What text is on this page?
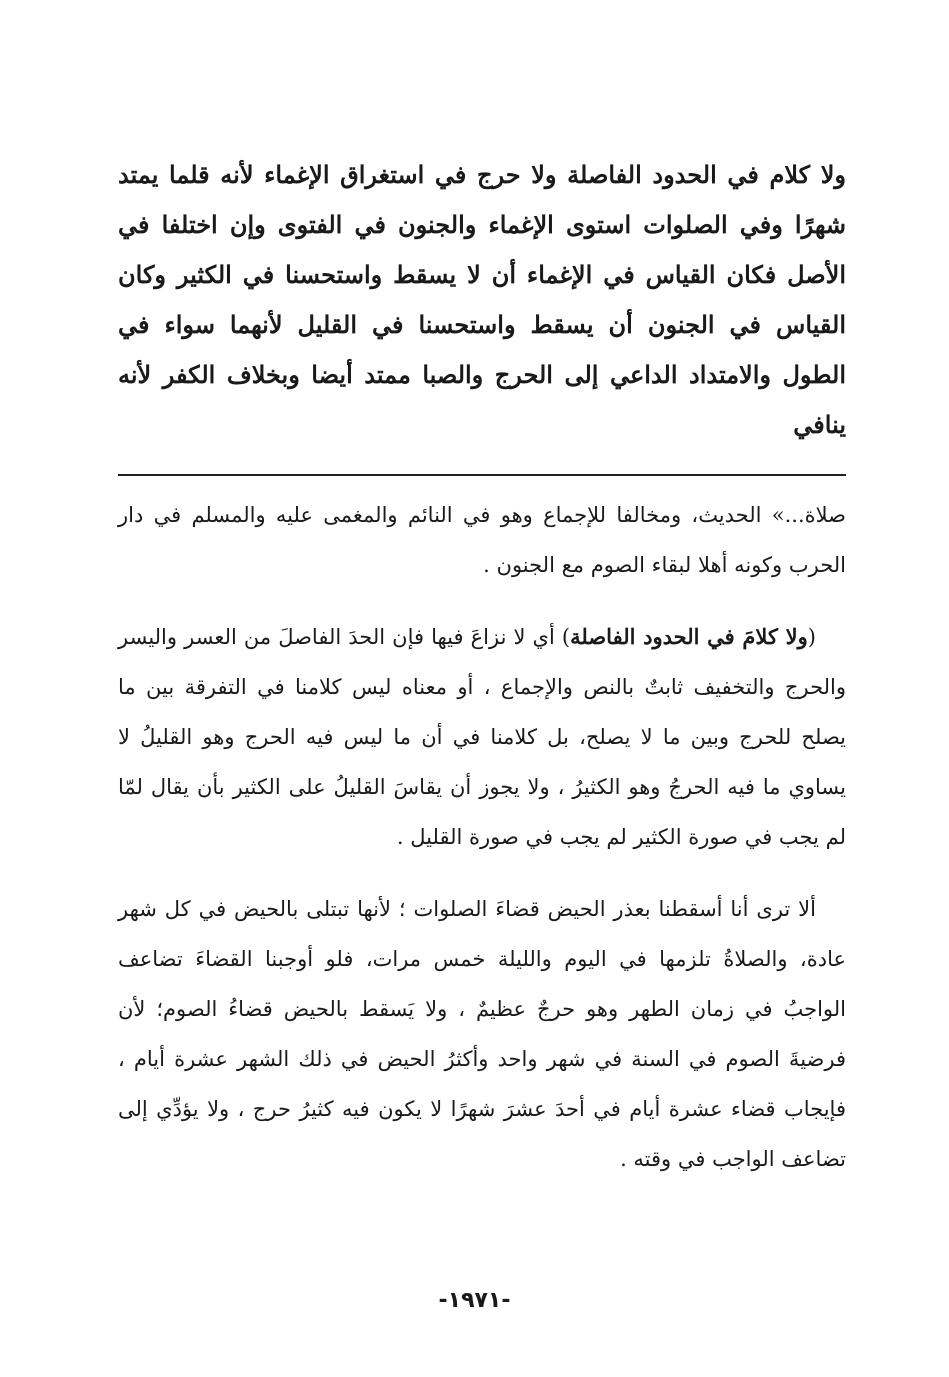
ولا كلام في الحدود الفاصلة ولا حرج في استغراق الإغماء لأنه قلما يمتد شهرًا وفي الصلوات استوى الإغماء والجنون في الفتوى وإن اختلفا في الأصل فكان القياس في الإغماء أن لا يسقط واستحسنا في الكثير وكان القياس في الجنون أن يسقط واستحسنا في القليل لأنهما سواء في الطول والامتداد الداعي إلى الحرج والصبا ممتد أيضا وبخلاف الكفر لأنه ينافي

صلاة...» الحديث، ومخالفا للإجماع وهو في النائم والمغمى عليه والمسلم في دار الحرب وكونه أهلا لبقاء الصوم مع الجنون .

(ولا كلامَ في الحدود الفاصلة) أي لا نزاعَ فيها فإن الحدَ الفاصلَ من العسر واليسر والحرج والتخفيف ثابتٌ بالنص والإجماع ، أو معناه ليس كلامنا في التفرقة بين ما يصلح للحرج وبين ما لا يصلح، بل كلامنا في أن ما ليس فيه الحرج وهو القليلُ لا يساوي ما فيه الحرجُ وهو الكثيرُ ، ولا يجوز أن يقاسَ القليلُ على الكثير بأن يقال لمّا لم يجب في صورة الكثير لم يجب في صورة القليل .

ألا ترى أنا أسقطنا بعذر الحيض قضاءَ الصلوات ؛ لأنها تبتلى بالحيض في كل شهر عادة، والصلاةُ تلزمها في اليوم والليلة خمس مرات، فلو أوجبنا القضاءَ تضاعف الواجبُ في زمان الطهر وهو حرجٌ عظيمٌ ، ولا يَسقط بالحيض قضاءُ الصوم؛ لأن فرضيةَ الصوم في السنة في شهر واحد وأكثرُ الحيض في ذلك الشهر عشرة أيام ، فإيجاب قضاء عشرة أيام في أحدَ عشرَ شهرًا لا يكون فيه كثيرُ حرج ، ولا يؤدِّي إلى تضاعف الواجب في وقته .

-١٩٧١-
